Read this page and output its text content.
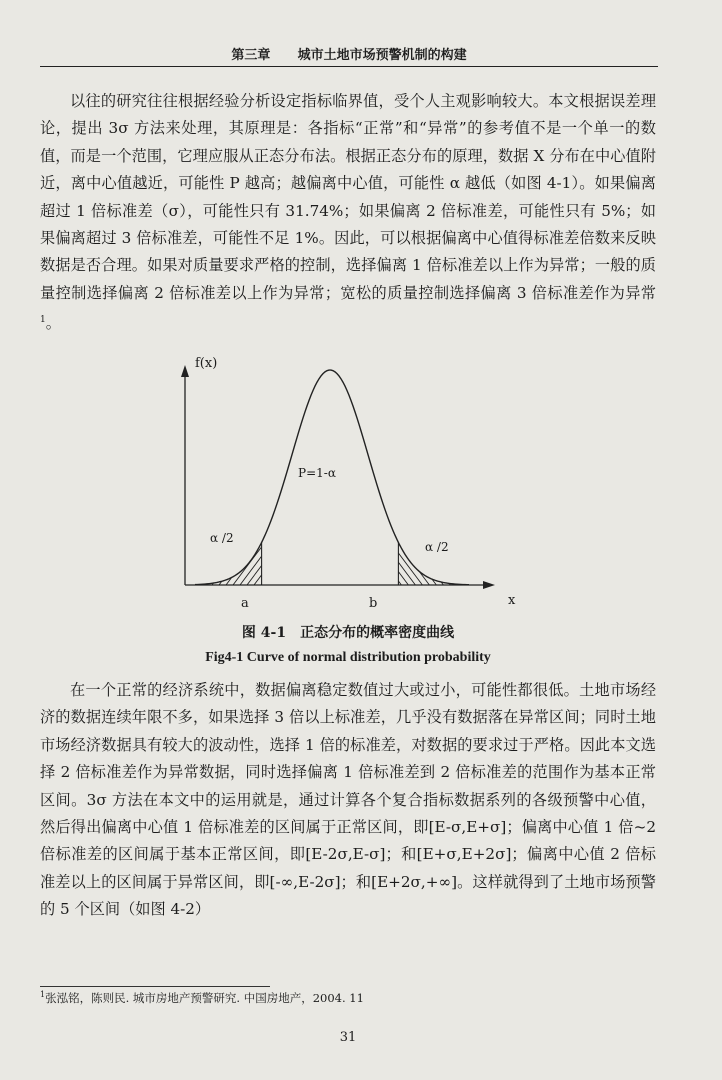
第三章 城市土地市场预警机制的构建

以往的研究往往根据经验分析设定指标临界值，受个人主观影响较大。本文根据误差理论，提出 3σ 方法来处理，其原理是：各指标“正常”和“异常”的参考值不是一个单一的数值，而是一个范围，它理应服从正态分布法。根据正态分布的原理，数据 X 分布在中心值附近，离中心值越近，可能性 P 越高；越偏离中心值，可能性 α 越低（如图 4-1）。如果偏离超过 1 倍标准差（σ），可能性只有 31.74%；如果偏离 2 倍标准差，可能性只有 5%；如果偏离超过 3 倍标准差，可能性不足 1%。因此，可以根据偏离中心值得标准差倍数来反映数据是否合理。如果对质量要求严格的控制，选择偏离 1 倍标准差以上作为异常；一般的质量控制选择偏离 2 倍标准差以上作为异常；宽松的质量控制选择偏离 3 倍标准差作为异常$^1$。

f(x)
x
P=1-α
α /2
α /2
a	b
图 4-1　正态分布的概率密度曲线
Fig4-1 Curve of normal distribution probability

在一个正常的经济系统中，数据偏离稳定数值过大或过小，可能性都很低。土地市场经济的数据连续年限不多，如果选择 3 倍以上标准差，几乎没有数据落在异常区间；同时土地市场经济数据具有较大的波动性，选择 1 倍的标准差，对数据的要求过于严格。因此本文选择 2 倍标准差作为异常数据，同时选择偏离 1 倍标准差到 2 倍标准差的范围作为基本正常区间。3σ 方法在本文中的运用就是，通过计算各个复合指标数据系列的各级预警中心值，然后得出偏离中心值 1 倍标准差的区间属于正常区间，即[E-σ,E+σ]；偏离中心值 1 倍~2 倍标准差的区间属于基本正常区间，即[E-2σ,E-σ]；和[E+σ,E+2σ]；偏离中心值 2 倍标准差以上的区间属于异常区间，即[-∞,E-2σ]；和[E+2σ,+∞]。这样就得到了土地市场预警的 5 个区间（如图 4-2）

$^1$张泓铭，陈则民. 城市房地产预警研究. 中国房地产，2004. 11
31
